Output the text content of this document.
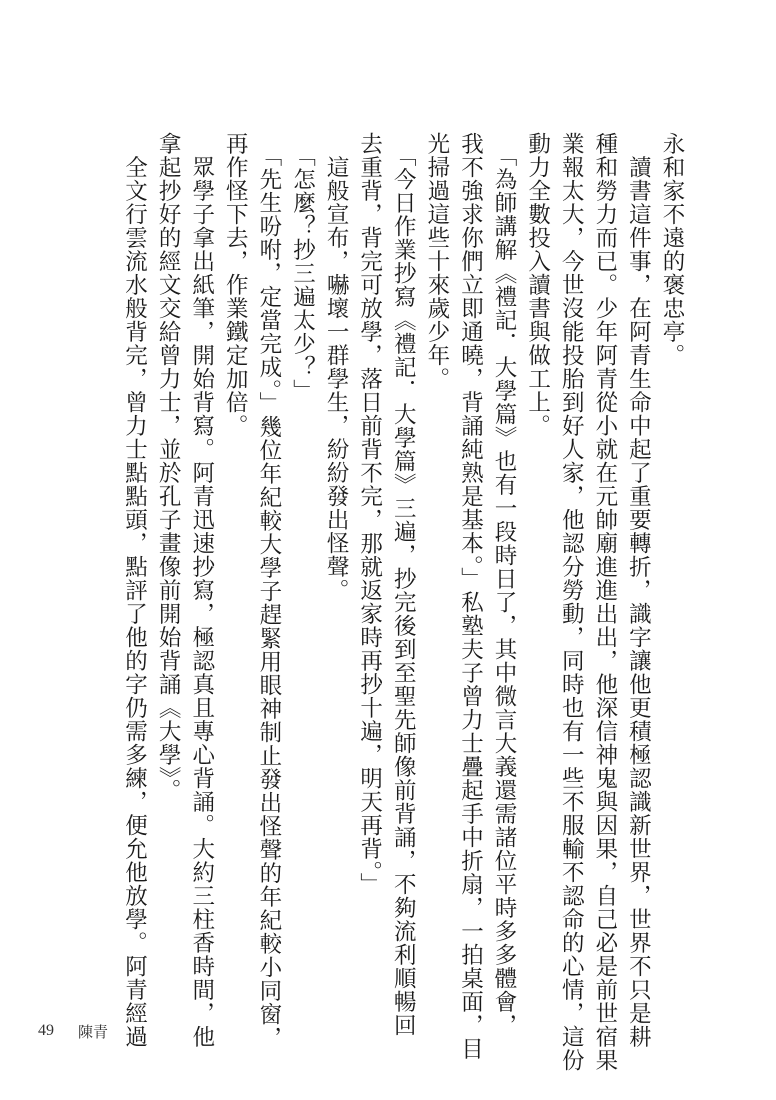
永和家不遠的褒忠亭。
　讀書這件事，在阿青生命中起了重要轉折，識字讓他更積極認識新世界，世界不只是耕
種和勞力而已。少年阿青從小就在元帥廟進進出出，他深信神鬼與因果，自己必是前世宿果
業報太大，今世沒能投胎到好人家，他認分勞動，同時也有一些不服輸不認命的心情，這份
動力全數投入讀書與做工上。
　「為師講解《禮記．大學篇》也有一段時日了，其中微言大義還需諸位平時多多體會，
我不強求你們立即通曉，背誦純熟是基本。」私塾夫子曾力士疊起手中折扇，一拍桌面，目
光掃過這些十來歲少年。
　「今日作業抄寫《禮記．大學篇》三遍，抄完後到至聖先師像前背誦，不夠流利順暢回
去重背，背完可放學，落日前背不完，那就返家時再抄十遍，明天再背。」
　這般宣布，嚇壞一群學生，紛紛發出怪聲。
　「怎麼？抄三遍太少？」
　「先生吩咐，定當完成。」幾位年紀較大學子趕緊用眼神制止發出怪聲的年紀較小同窗，
再作怪下去，作業鐵定加倍。
　眾學子拿出紙筆，開始背寫。阿青迅速抄寫，極認真且專心背誦。大約三柱香時間，他
拿起抄好的經文交給曾力士，並於孔子畫像前開始背誦《大學》。
　全文行雲流水般背完，曾力士點點頭，點評了他的字仍需多練，便允他放學。阿青經過
49 陳青
